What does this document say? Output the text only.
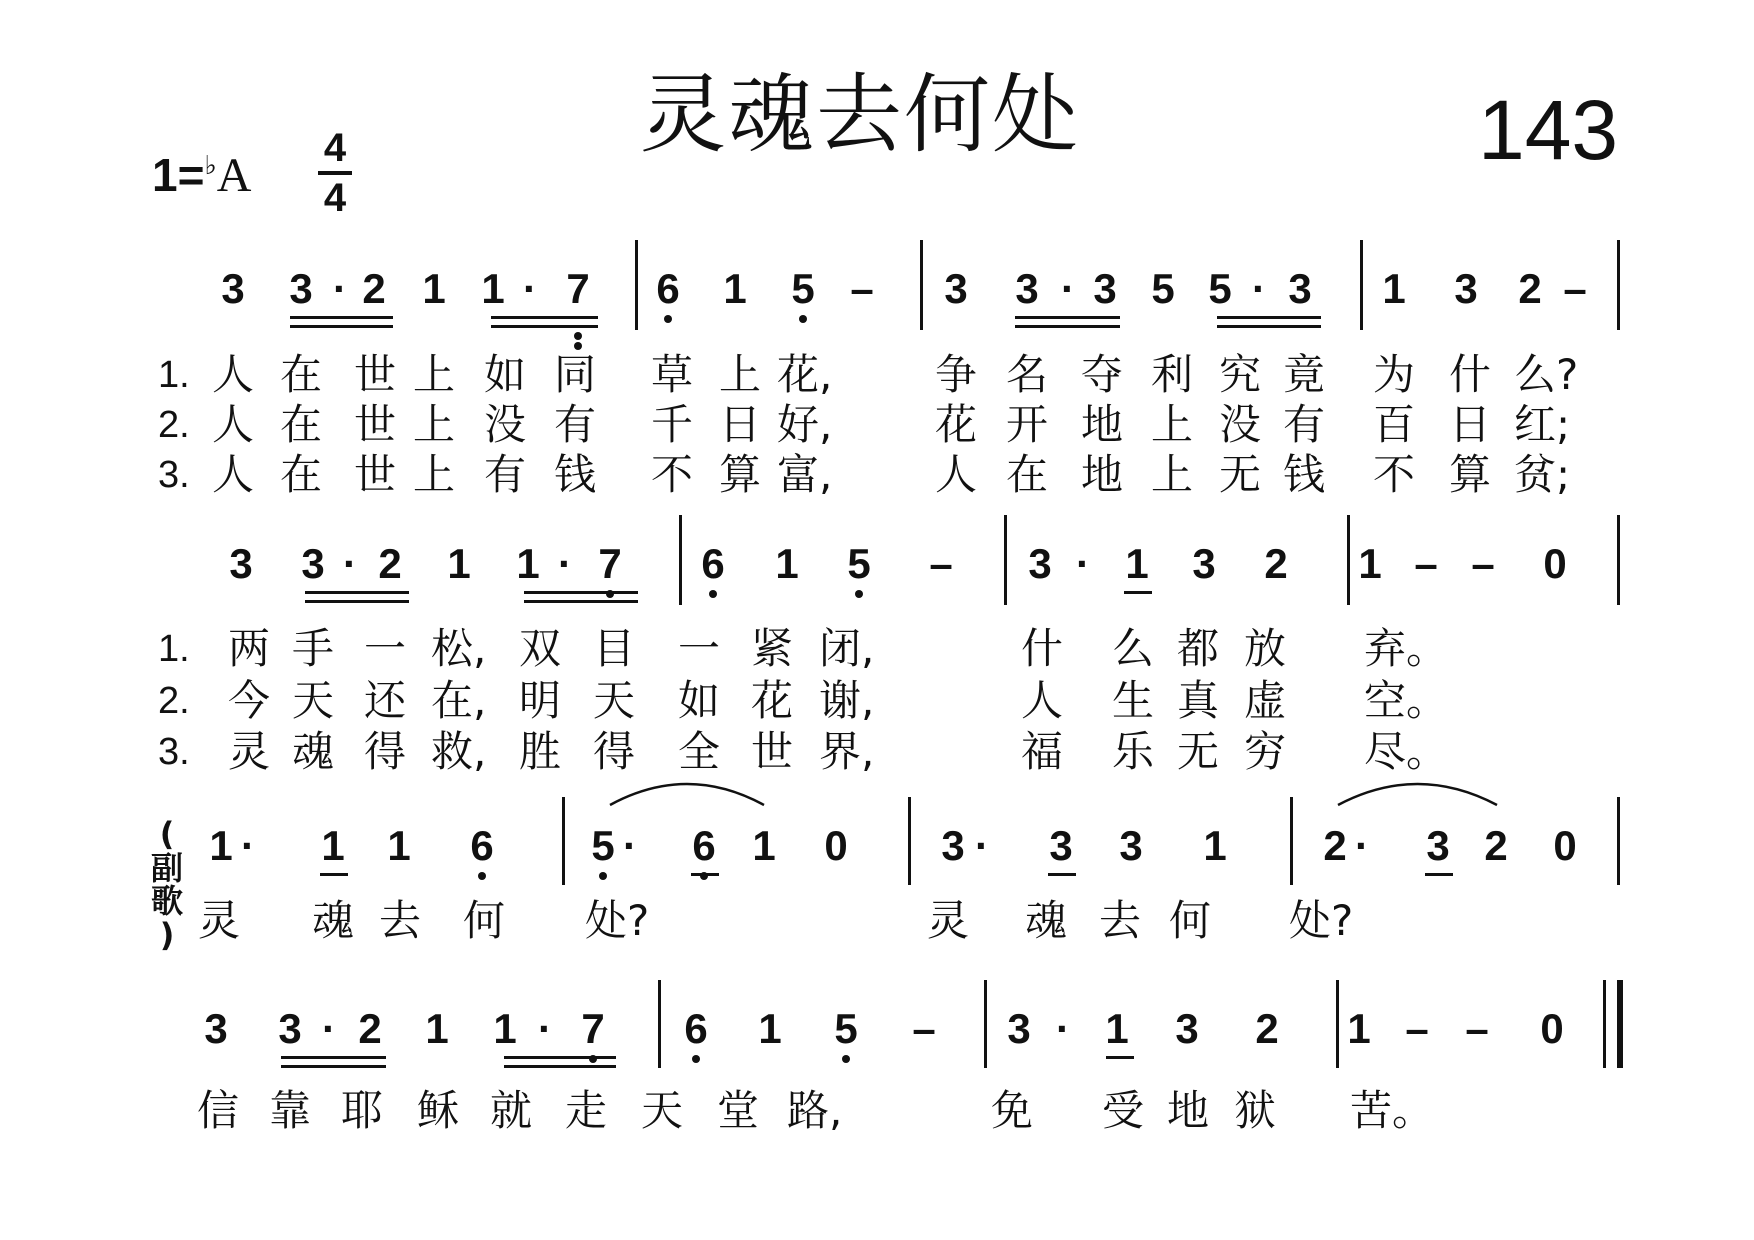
灵魂去何处	143
1=♭A
4
4
3 3 · 2 1 1 · 7 6 1 5 – 3 3 · 3 5 5 · 3 1 3 2 –
1. 人 在 世 上 如 同 草 上 花, 争 名 夺 利 究 竟 为 什 么?
2. 人 在 世 上 没 有 千 日 好, 花 开 地 上 没 有 百 日 红;
3. 人 在 世 上 有 钱 不 算 富, 人 在 地 上 无 钱 不 算 贫;
3 3 · 2 1 1 · 7 6 1 5 – 3 · 1 3 2 1 – – 0
1. 两 手 一 松, 双 目 一 紧 闭,	什 么 都 放 弃。
2. 今 天 还 在, 明 天 如 花 谢,	人 生 真 虚 空。
3. 灵 魂 得 救, 胜 得 全 世 界,	福 乐 无 穷 尽。
1 ·	1 1 6 5 ·	6 1 0 3 ·	3 3 1 2 ·	3 2 0
灵 魂 去 何 处?	灵 魂 去 何 处?
(
副
歌
)
3 3 · 2 1 1 · 7 6 1 5 – 3 · 1 3 2 1 – – 0
信 靠 耶 稣 就 走 天 堂 路,	免 受 地 狱 苦。
